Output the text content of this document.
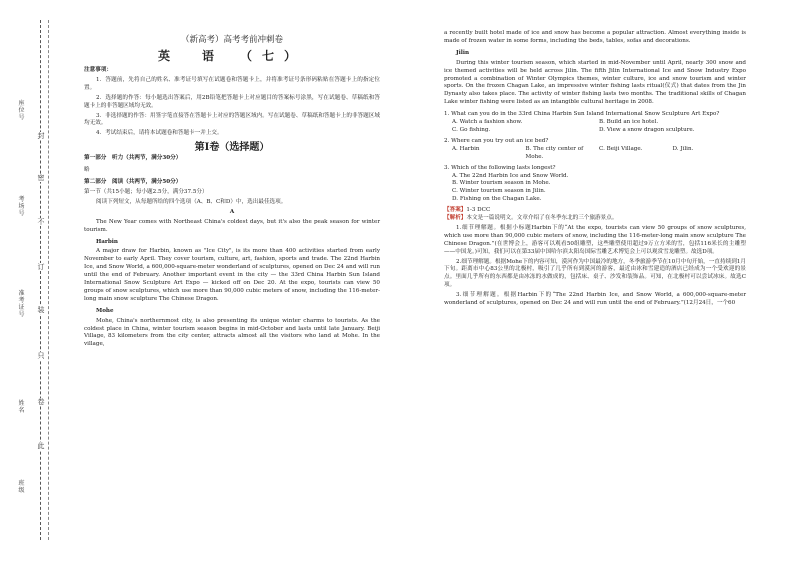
封
密
不
订
装
只
卷
此
座位号
考场号
准考证号
姓名
班级

（新高考）高考考前冲刺卷

英　语　（七）

注意事项：

1．答题前，先将自己的姓名、准考证号填写在试题卷和答题卡上，并将准考证号条形码粘贴在答题卡上的指定位置。

2．选择题的作答：每小题选出答案后，用2B铅笔把答题卡上对应题目的答案标号涂黑，写在试题卷、草稿纸和答题卡上的非答题区域均无效。

3．非选择题的作答：用签字笔直接答在答题卡上对应的答题区域内。写在试题卷、草稿纸和答题卡上的非答题区域均无效。

4．考试结束后，请将本试题卷和答题卡一并上交。

第Ⅰ卷（选择题）

第一部分　听力（共两节，满分30分）

略

第二部分　阅读（共两节，满分50分）

第一节（共15小题；每小题2.5分，满分37.5分）

阅读下列短文，从每题所给的四个选项（A、B、C和D）中，选出最佳选项。

A

The New Year comes with Northeast China's coldest days, but it's also the peak season for winter tourism.

Harbin

A major draw for Harbin, known as "Ice City", is its more than 400 activities started from early November to early April. They cover tourism, culture, art, fashion, sports and trade. The 22nd Harbin Ice, and Snow World, a 600,000-square-meter wonderland of sculptures, opened on Dec 24 and will run until the end of February. Another important event in the city — the 33rd China Harbin Sun Island International Snow Sculpture Art Expo — kicked off on Dec 20. At the expo, tourists can view 50 groups of snow sculptures, which use more than 90,000 cubic meters of snow, including the 116-meter-long main snow sculpture The Chinese Dragon.

Mohe

Mohe, China's northernmost city, is also presenting its unique winter charms to tourists. As the coldest place in China, winter tourism season begins in mid-October and lasts until late January. Beiji Village, 83 kilometers from the city center, attracts almost all the visitors who land at Mohe. In the village,

a recently built hotel made of ice and snow has become a popular attraction. Almost everything inside is made of frozen water in some forms, including the beds, tables, sofas and decorations.

Jilin

During this winter tourism season, which started in mid-November until April, nearly 300 snow and ice themed activities will be held across Jilin. The fifth Jilin International Ice and Snow Industry Expo promoted a combination of Winter Olympics themes, winter culture, ice and snow tourism and winter sports. On the frozen Chagan Lake, an impressive winter fishing lasts ritual(仪式) that dates from the Jin Dynasty also takes place. The activity of winter fishing lasts two months. The traditional skills of Chagan Lake winter fishing were listed as an intangible cultural heritage in 2008.

1. What can you do in the 33rd China Harbin Sun Island International Snow Sculpture Art Expo?

A. Watch a fashion show.	B. Build an ice hotel.
C. Go fishing.	D. View a snow dragon sculpture.

2. Where can you try out an ice bed?

A. Harbin	B. The city center of Mohe.
C. Beiji Village.	D. Jilin.

3. Which of the following lasts longest?

A. The 22nd Harbin Ice and Snow World.

B. Winter tourism season in Mohe.

C. Winter tourism season in Jilin.

D. Fishing on the Chagan Lake.

【答案】1-3 DCC

【解析】本文是一篇说明文。文章介绍了在冬季东北的三个旅游景点。

1.细节理解题。根据小标题Harbin下的“At the expo, tourists can view 50 groups of snow sculptures, which use more than 90,000 cubic meters of snow, including the 116-meter-long main snow sculpture The Chinese Dragon.”(在世博会上，游客可以观看50组雕塑，这些雕塑使用超过9万立方米的雪，包括116米长的主雕塑——中国龙。)可知，我们可以在第33届中国哈尔滨太阳岛国际雪雕艺术博览会上可以观赏雪龙雕塑。故选D项。

2.细节理解题。根据Mohe下的内容可知，漠河作为中国最冷的地方，冬季旅游季节在10月中旬开始，一直持续到1月下旬。距离市中心83公里的北极村，吸引了几乎所有到漠河的游客，最近由冰和雪建造的酒店已经成为一个受欢迎的景点。里面几乎所有的东西都是由冰冻的水做成的，包括床、桌子、沙发和装饰品。可知，在北极村可以尝试冰床。故选C项。

3.细节理解题。根据Harbin下的“The 22nd Harbin Ice, and Snow World, a 600,000-square-meter wonderland of sculptures, opened on Dec 24 and will run until the end of February.”(12月24日，一个60
